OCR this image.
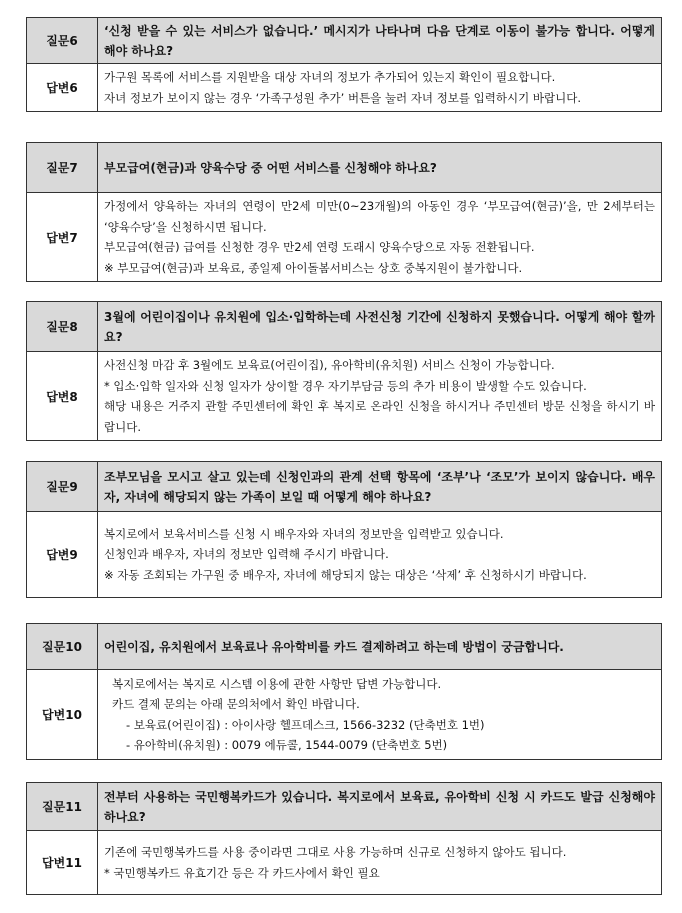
질문6	‘신청 받을 수 있는 서비스가 없습니다.’ 메시지가 나타나며 다음 단계로 이동이 불가능 합니다. 어떻게 해야 하나요?
답변6	가구원 목록에 서비스를 지원받을 대상 자녀의 정보가 추가되어 있는지 확인이 필요합니다.

자녀 정보가 보이지 않는 경우 ‘가족구성원 추가’ 버튼을 눌러 자녀 정보를 입력하시기 바랍니다.

질문7	부모급여(현금)과 양육수당 중 어떤 서비스를 신청해야 하나요?
답변7	가정에서 양육하는 자녀의 연령이 만2세 미만(0~23개월)의 아동인 경우 ‘부모급여(현금)’을, 만 2세부터는 ‘양육수당’을 신청하시면 됩니다.

부모급여(현금) 급여를 신청한 경우 만2세 연령 도래시 양육수당으로 자동 전환됩니다.

※ 부모급여(현금)과 보육료, 종일제 아이돌봄서비스는 상호 중복지원이 불가합니다.

질문8	3월에 어린이집이나 유치원에 입소·입학하는데 사전신청 기간에 신청하지 못했습니다. 어떻게 해야 할까요?
답변8	사전신청 마감 후 3월에도 보육료(어린이집), 유아학비(유치원) 서비스 신청이 가능합니다.

* 입소·입학 일자와 신청 일자가 상이할 경우 자기부담금 등의 추가 비용이 발생할 수도 있습니다.

해당 내용은 거주지 관할 주민센터에 확인 후 복지로 온라인 신청을 하시거나 주민센터 방문 신청을 하시기 바랍니다.

질문9	조부모님을 모시고 살고 있는데 신청인과의 관계 선택 항목에 ‘조부’나 ‘조모’가 보이지 않습니다. 배우자, 자녀에 해당되지 않는 가족이 보일 때 어떻게 해야 하나요?
답변9	복지로에서 보육서비스를 신청 시 배우자와 자녀의 정보만을 입력받고 있습니다.

신청인과 배우자, 자녀의 정보만 입력해 주시기 바랍니다.

※ 자동 조회되는 가구원 중 배우자, 자녀에 해당되지 않는 대상은 ‘삭제’ 후 신청하시기 바랍니다.

질문10	어린이집, 유치원에서 보육료나 유아학비를 카드 결제하려고 하는데 방법이 궁금합니다.
답변10	복지로에서는 복지로 시스템 이용에 관한 사항만 답변 가능합니다.

카드 결제 문의는 아래 문의처에서 확인 바랍니다.

- 보육료(어린이집) : 아이사랑 헬프데스크, 1566-3232 (단축번호 1번)

- 유아학비(유치원) : 0079 에듀콜, 1544-0079 (단축번호 5번)

질문11	전부터 사용하는 국민행복카드가 있습니다. 복지로에서 보육료, 유아학비 신청 시 카드도 발급 신청해야 하나요?
답변11	기존에 국민행복카드를 사용 중이라면 그대로 사용 가능하며 신규로 신청하지 않아도 됩니다.

* 국민행복카드 유효기간 등은 각 카드사에서 확인 필요
